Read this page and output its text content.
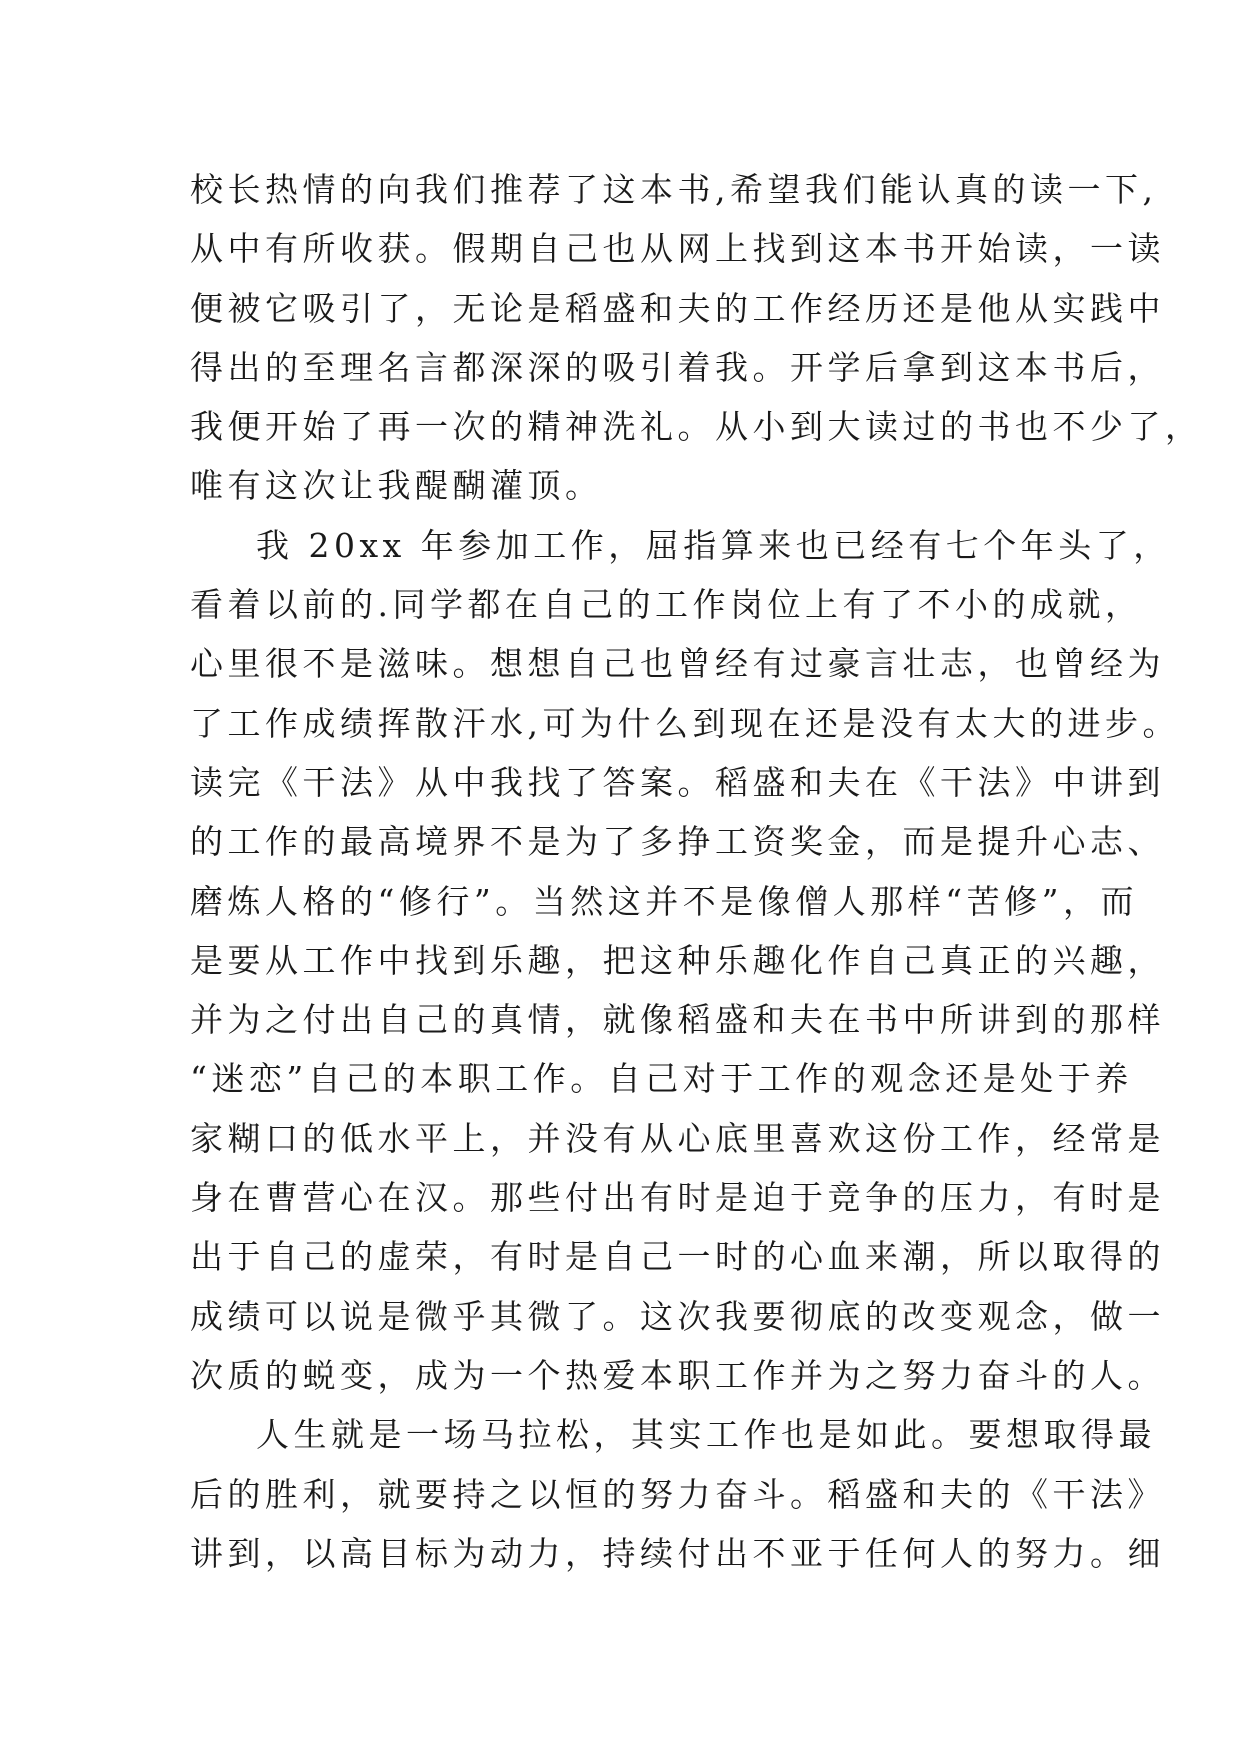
校长热情的向我们推荐了这本书,希望我们能认真的读一下,
从中有所收获。假期自己也从网上找到这本书开始读，一读
便被它吸引了，无论是稻盛和夫的工作经历还是他从实践中
得出的至理名言都深深的吸引着我。开学后拿到这本书后，
我便开始了再一次的精神洗礼。从小到大读过的书也不少了，
唯有这次让我醍醐灌顶。
我 20xx 年参加工作，屈指算来也已经有七个年头了，
看着以前的.同学都在自己的工作岗位上有了不小的成就，
心里很不是滋味。想想自己也曾经有过豪言壮志，也曾经为
了工作成绩挥散汗水,可为什么到现在还是没有太大的进步。
读完《干法》从中我找了答案。稻盛和夫在《干法》中讲到
的工作的最高境界不是为了多挣工资奖金，而是提升心志、
磨炼人格的“修行”。当然这并不是像僧人那样“苦修”，而
是要从工作中找到乐趣，把这种乐趣化作自己真正的兴趣，
并为之付出自己的真情，就像稻盛和夫在书中所讲到的那样
“迷恋”自己的本职工作。自己对于工作的观念还是处于养
家糊口的低水平上，并没有从心底里喜欢这份工作，经常是
身在曹营心在汉。那些付出有时是迫于竞争的压力，有时是
出于自己的虚荣，有时是自己一时的心血来潮，所以取得的
成绩可以说是微乎其微了。这次我要彻底的改变观念，做一
次质的蜕变，成为一个热爱本职工作并为之努力奋斗的人。
人生就是一场马拉松，其实工作也是如此。要想取得最
后的胜利，就要持之以恒的努力奋斗。稻盛和夫的《干法》
讲到，以高目标为动力，持续付出不亚于任何人的努力。细
